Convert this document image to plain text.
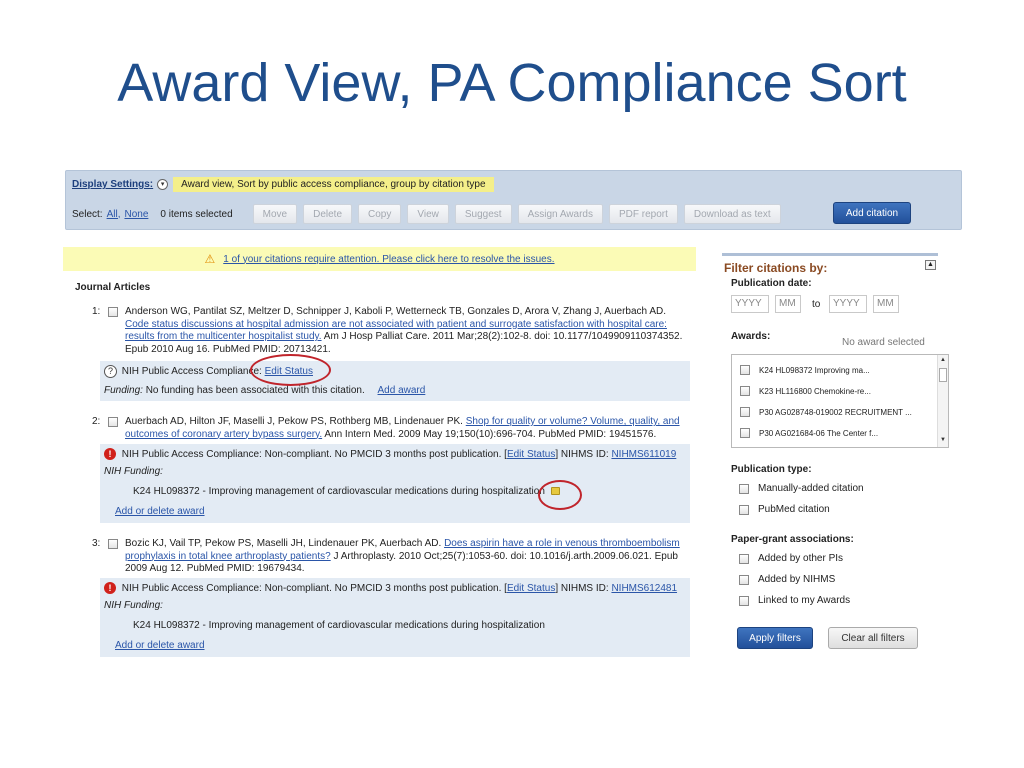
Award View, PA Compliance Sort
Display Settings:	▾	Award view, Sort by public access compliance, group by citation type
Select: All, None 0 items selected	Move	Delete	Copy	View	Suggest	Assign Awards	PDF report	Download as text	Add citation
⚠ 1 of your citations require attention. Please click here to resolve the issues.
Journal Articles
1:	Anderson WG, Pantilat SZ, Meltzer D, Schnipper J, Kaboli P, Wetterneck TB, Gonzales D, Arora V, Zhang J, Auerbach AD. Code status discussions at hospital admission are not associated with patient and surrogate satisfaction with hospital care: results from the multicenter hospitalist study. Am J Hosp Palliat Care. 2011 Mar;28(2):102-8. doi: 10.1177/1049909110374352. Epub 2010 Aug 16. PubMed PMID: 20713421.
? NIH Public Access Compliance: Edit Status
Funding: No funding has been associated with this citation. Add award
2:	Auerbach AD, Hilton JF, Maselli J, Pekow PS, Rothberg MB, Lindenauer PK. Shop for quality or volume? Volume, quality, and outcomes of coronary artery bypass surgery. Ann Intern Med. 2009 May 19;150(10):696-704. PubMed PMID: 19451576.
! NIH Public Access Compliance: Non-compliant. No PMCID 3 months post publication. [Edit Status] NIHMS ID: NIHMS611019
NIH Funding:
K24 HL098372 - Improving management of cardiovascular medications during hospitalization
Add or delete award
3:	Bozic KJ, Vail TP, Pekow PS, Maselli JH, Lindenauer PK, Auerbach AD. Does aspirin have a role in venous thromboembolism prophylaxis in total knee arthroplasty patients? J Arthroplasty. 2010 Oct;25(7):1053-60. doi: 10.1016/j.arth.2009.06.021. Epub 2009 Aug 12. PubMed PMID: 19679434.
! NIH Public Access Compliance: Non-compliant. No PMCID 3 months post publication. [Edit Status] NIHMS ID: NIHMS612481
NIH Funding:
K24 HL098372 - Improving management of cardiovascular medications during hospitalization
Add or delete award
Filter citations by:	▲
Publication date:
YYYY	MM	to	YYYY	MM
Awards:
No award selected
K24 HL098372 Improving ma...
K23 HL116800 Chemokine-re...
P30 AG028748-019002 RECRUITMENT ...
P30 AG021684-06 The Center f...
▲
▼
Publication type:
Manually-added citation
PubMed citation
Paper-grant associations:
Added by other PIs
Added by NIHMS
Linked to my Awards
Apply filters	Clear all filters
